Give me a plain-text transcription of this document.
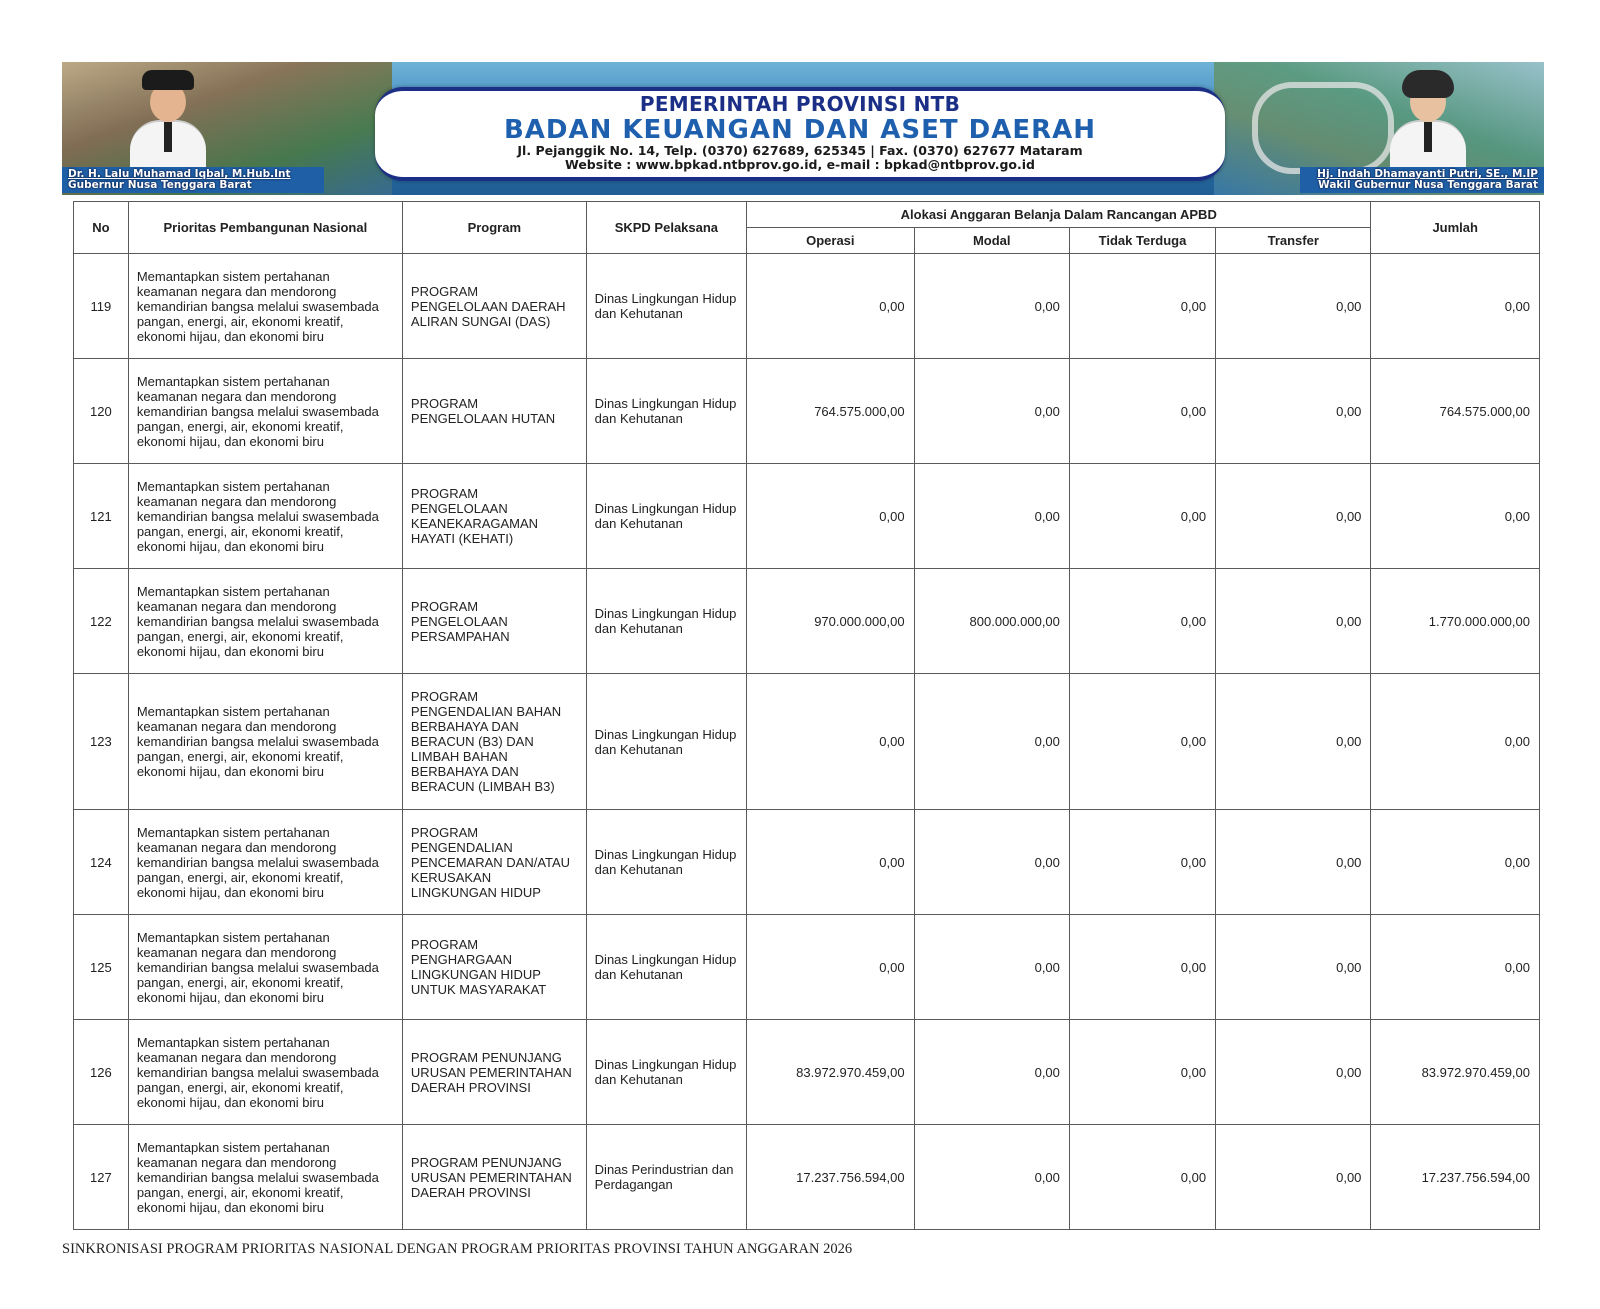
Dr. H. Lalu Muhamad Iqbal, M.Hub.Int
Gubernur Nusa Tenggara Barat
Hj. Indah Dhamayanti Putri, SE., M.IP
Wakil Gubernur Nusa Tenggara Barat
PEMERINTAH PROVINSI NTB
BADAN KEUANGAN DAN ASET DAERAH
Jl. Pejanggik No. 14, Telp. (0370) 627689, 625345 | Fax. (0370) 627677 Mataram
Website : www.bpkad.ntbprov.go.id, e-mail : bpkad@ntbprov.go.id
No	Prioritas Pembangunan Nasional	Program	SKPD Pelaksana	Alokasi Anggaran Belanja Dalam Rancangan APBD				Jumlah
				Operasi	Modal	Tidak Terduga	Transfer	
119	Memantapkan sistem pertahanan keamanan negara dan mendorong kemandirian bangsa melalui swasembada pangan, energi, air, ekonomi kreatif, ekonomi hijau, dan ekonomi biru	PROGRAM PENGELOLAAN DAERAH ALIRAN SUNGAI (DAS)	Dinas Lingkungan Hidup dan Kehutanan	0,00	0,00	0,00	0,00	0,00
120	Memantapkan sistem pertahanan keamanan negara dan mendorong kemandirian bangsa melalui swasembada pangan, energi, air, ekonomi kreatif, ekonomi hijau, dan ekonomi biru	PROGRAM PENGELOLAAN HUTAN	Dinas Lingkungan Hidup dan Kehutanan	764.575.000,00	0,00	0,00	0,00	764.575.000,00
121	Memantapkan sistem pertahanan keamanan negara dan mendorong kemandirian bangsa melalui swasembada pangan, energi, air, ekonomi kreatif, ekonomi hijau, dan ekonomi biru	PROGRAM PENGELOLAAN KEANEKARAGAMAN HAYATI (KEHATI)	Dinas Lingkungan Hidup dan Kehutanan	0,00	0,00	0,00	0,00	0,00
122	Memantapkan sistem pertahanan keamanan negara dan mendorong kemandirian bangsa melalui swasembada pangan, energi, air, ekonomi kreatif, ekonomi hijau, dan ekonomi biru	PROGRAM PENGELOLAAN PERSAMPAHAN	Dinas Lingkungan Hidup dan Kehutanan	970.000.000,00	800.000.000,00	0,00	0,00	1.770.000.000,00
123	Memantapkan sistem pertahanan keamanan negara dan mendorong kemandirian bangsa melalui swasembada pangan, energi, air, ekonomi kreatif, ekonomi hijau, dan ekonomi biru	PROGRAM PENGENDALIAN BAHAN BERBAHAYA DAN BERACUN (B3) DAN LIMBAH BAHAN BERBAHAYA DAN BERACUN (LIMBAH B3)	Dinas Lingkungan Hidup dan Kehutanan	0,00	0,00	0,00	0,00	0,00
124	Memantapkan sistem pertahanan keamanan negara dan mendorong kemandirian bangsa melalui swasembada pangan, energi, air, ekonomi kreatif, ekonomi hijau, dan ekonomi biru	PROGRAM PENGENDALIAN PENCEMARAN DAN/ATAU KERUSAKAN LINGKUNGAN HIDUP	Dinas Lingkungan Hidup dan Kehutanan	0,00	0,00	0,00	0,00	0,00
125	Memantapkan sistem pertahanan keamanan negara dan mendorong kemandirian bangsa melalui swasembada pangan, energi, air, ekonomi kreatif, ekonomi hijau, dan ekonomi biru	PROGRAM PENGHARGAAN LINGKUNGAN HIDUP UNTUK MASYARAKAT	Dinas Lingkungan Hidup dan Kehutanan	0,00	0,00	0,00	0,00	0,00
126	Memantapkan sistem pertahanan keamanan negara dan mendorong kemandirian bangsa melalui swasembada pangan, energi, air, ekonomi kreatif, ekonomi hijau, dan ekonomi biru	PROGRAM PENUNJANG URUSAN PEMERINTAHAN DAERAH PROVINSI	Dinas Lingkungan Hidup dan Kehutanan	83.972.970.459,00	0,00	0,00	0,00	83.972.970.459,00
127	Memantapkan sistem pertahanan keamanan negara dan mendorong kemandirian bangsa melalui swasembada pangan, energi, air, ekonomi kreatif, ekonomi hijau, dan ekonomi biru	PROGRAM PENUNJANG URUSAN PEMERINTAHAN DAERAH PROVINSI	Dinas Perindustrian dan Perdagangan	17.237.756.594,00	0,00	0,00	0,00	17.237.756.594,00
SINKRONISASI PROGRAM PRIORITAS NASIONAL DENGAN PROGRAM PRIORITAS PROVINSI TAHUN ANGGARAN 2026
